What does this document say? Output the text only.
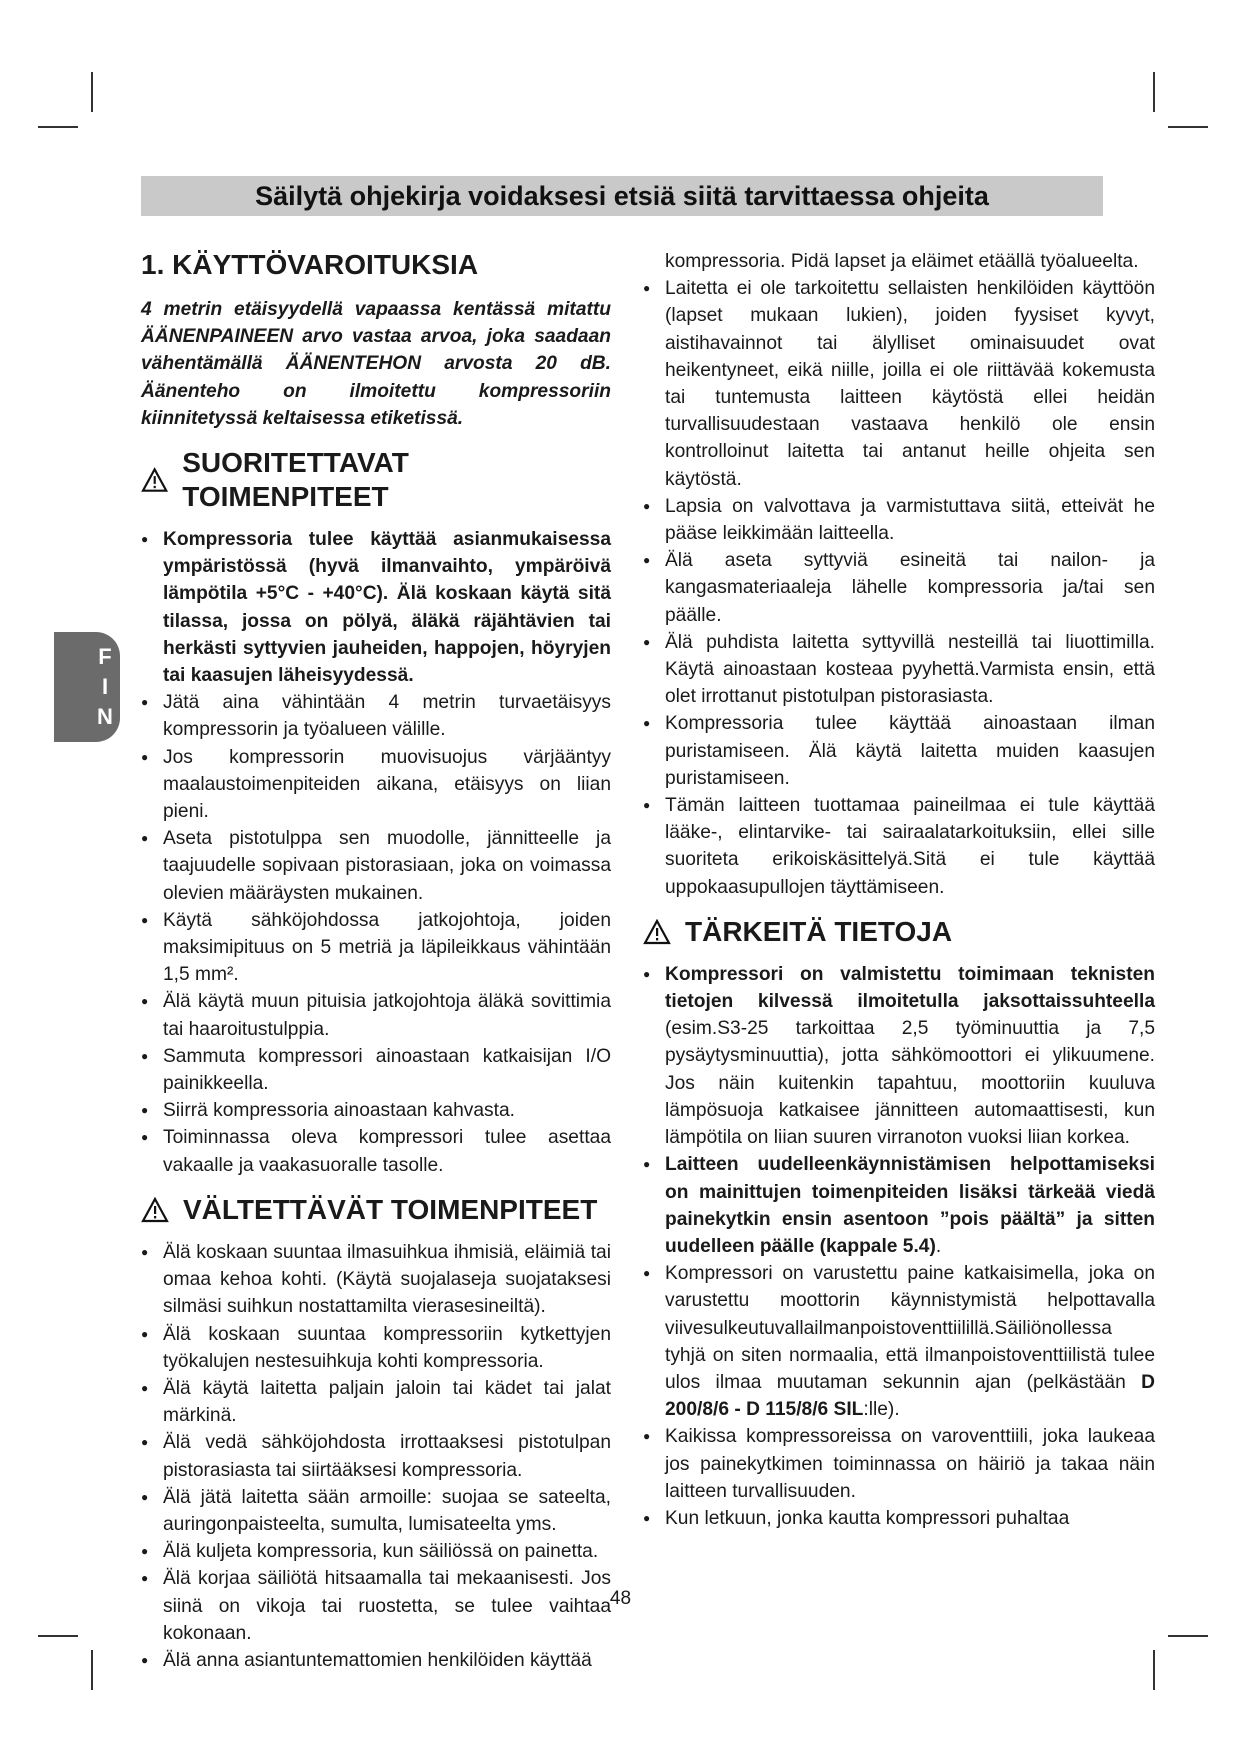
Säilytä ohjekirja voidaksesi etsiä siitä tarvittaessa ohjeita
F
I
N
1. KÄYTTÖVAROITUKSIA

4 metrin etäisyydellä vapaassa kentässä mitattu ÄÄNENPAINEEN arvo vastaa arvoa, joka saadaan vähentämällä ÄÄNENTEHON arvosta 20 dB. Äänenteho on ilmoitettu kompressoriin kiinnitetyssä keltaisessa etiketissä.

SUORITETTAVAT TOIMENPITEET
● Kompressoria tulee käyttää asianmukaisessa ympäristössä (hyvä ilmanvaihto, ympäröivä lämpötila +5°C - +40°C). Älä koskaan käytä sitä tilassa, jossa on pölyä, äläkä räjähtävien tai herkästi syttyvien jauheiden, happojen, höyryjen tai kaasujen läheisyydessä.
● Jätä aina vähintään 4 metrin turvaetäisyys kompressorin ja työalueen välille.
● Jos kompressorin muovisuojus värjääntyy maalaustoimenpiteiden aikana, etäisyys on liian pieni.
● Aseta pistotulppa sen muodolle, jännitteelle ja taajuudelle sopivaan pistorasiaan, joka on voimassa olevien määräysten mukainen.
● Käytä sähköjohdossa jatkojohtoja, joiden maksimipituus on 5 metriä ja läpileikkaus vähintään 1,5 mm².
● Älä käytä muun pituisia jatkojohtoja äläkä sovittimia tai haaroitustulppia.
● Sammuta kompressori ainoastaan katkaisijan I/O painikkeella.
● Siirrä kompressoria ainoastaan kahvasta.
● Toiminnassa oleva kompressori tulee asettaa vakaalle ja vaakasuoralle tasolle.
VÄLTETTÄVÄT TOIMENPITEET
● Älä koskaan suuntaa ilmasuihkua ihmisiä, eläimiä tai omaa kehoa kohti. (Käytä suojalaseja suojataksesi silmäsi suihkun nostattamilta vierasesineiltä).
● Älä koskaan suuntaa kompressoriin kytkettyjen työkalujen nestesuihkuja kohti kompressoria.
● Älä käytä laitetta paljain jaloin tai kädet tai jalat märkinä.
● Älä vedä sähköjohdosta irrottaaksesi pistotulpan pistorasiasta tai siirtääksesi kompressoria.
● Älä jätä laitetta sään armoille: suojaa se sateelta, auringonpaisteelta, sumulta, lumisateelta yms.
● Älä kuljeta kompressoria, kun säiliössä on painetta.
● Älä korjaa säiliötä hitsaamalla tai mekaanisesti. Jos siinä on vikoja tai ruostetta, se tulee vaihtaa kokonaan.
● Älä anna asiantuntemattomien henkilöiden käyttää

kompressoria. Pidä lapset ja eläimet etäällä työalueelta.

● Laitetta ei ole tarkoitettu sellaisten henkilöiden käyttöön (lapset mukaan lukien), joiden fyysiset kyvyt, aistihavainnot tai älylliset ominaisuudet ovat heikentyneet, eikä niille, joilla ei ole riittävää kokemusta tai tuntemusta laitteen käytöstä ellei heidän turvallisuudestaan vastaava henkilö ole ensin kontrolloinut laitetta tai antanut heille ohjeita sen käytöstä.
● Lapsia on valvottava ja varmistuttava siitä, etteivät he pääse leikkimään laitteella.
● Älä aseta syttyviä esineitä tai nailon- ja kangasmateriaaleja lähelle kompressoria ja/tai sen päälle.
● Älä puhdista laitetta syttyvillä nesteillä tai liuottimilla. Käytä ainoastaan kosteaa pyyhettä.Varmista ensin, että olet irrottanut pistotulpan pistorasiasta.
● Kompressoria tulee käyttää ainoastaan ilman puristamiseen. Älä käytä laitetta muiden kaasujen puristamiseen.
● Tämän laitteen tuottamaa paineilmaa ei tule käyttää lääke-, elintarvike- tai sairaalatarkoituksiin, ellei sille suoriteta erikoiskäsittelyä.Sitä ei tule käyttää uppokaasupullojen täyttämiseen.
TÄRKEITÄ TIETOJA
● Kompressori on valmistettu toimimaan teknisten tietojen kilvessä ilmoitetulla jaksottaissuhteella (esim.S3-25 tarkoittaa 2,5 työminuuttia ja 7,5 pysäytysminuuttia), jotta sähkömoottori ei ylikuumene. Jos näin kuitenkin tapahtuu, moottoriin kuuluva lämpösuoja katkaisee jännitteen automaattisesti, kun lämpötila on liian suuren virranoton vuoksi liian korkea.
● Laitteen uudelleenkäynnistämisen helpottamiseksi on mainittujen toimenpiteiden lisäksi tärkeää viedä painekytkin ensin asentoon ”pois päältä” ja sitten uudelleen päälle (kappale 5.4).
● Kompressori on varustettu paine katkaisimella, joka on varustettu moottorin käynnistymistä helpottavalla viivesulkeutuvallailmanpoistoventtiilillä.Säiliönollessa tyhjä on siten normaalia, että ilmanpoistoventtiilistä tulee ulos ilmaa muutaman sekunnin ajan (pelkästään D 200/8/6 - D 115/8/6 SIL:lle).
● Kaikissa kompressoreissa on varoventtiili, joka laukeaa jos painekytkimen toiminnassa on häiriö ja takaa näin laitteen turvallisuuden.
● Kun letkuun, jonka kautta kompressori puhaltaa
48
